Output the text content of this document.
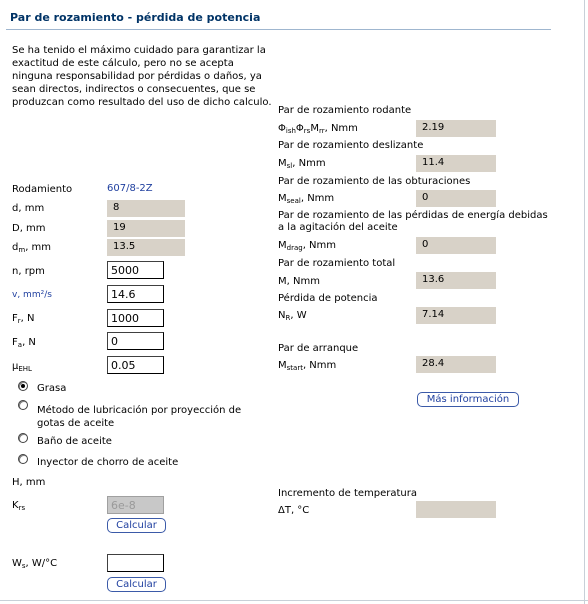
Par de rozamiento - pérdida de potencia
Se ha tenido el máximo cuidado para garantizar la exactitud de este cálculo, pero no se acepta ninguna responsabilidad por pérdidas o daños, ya sean directos, indirectos o consecuentes, que se produzcan como resultado del uso de dicho calculo.
Rodamiento	607/8-2Z
d, mm	8
D, mm	19
$d_m$, mm	13.5
n, rpm	5000
v, mm²/s	14.6
$F_r$, N	1000
$F_a$, N	0
$\mu_{EHL}$	0.05
Grasa
Método de lubricación por proyección de gotas de aceite
Baño de aceite
Inyector de chorro de aceite
H, mm
$K_{rs}$	6e-8
Calcular
$W_s$, W/°C
Calcular
Par de rozamiento rodante
$\Phi_{ish}\Phi_{rs}M_{rr}$, Nmm	2.19
Par de rozamiento deslizante
$M_{sl}$, Nmm	11.4
Par de rozamiento de las obturaciones
$M_{seal}$, Nmm	0
Par de rozamiento de las pérdidas de energía debidas a la agitación del aceite
$M_{drag}$, Nmm	0
Par de rozamiento total
M, Nmm	13.6
Pérdida de potencia
$N_R$, W	7.14
Par de arranque
$M_{start}$, Nmm	28.4
Más información
Incremento de temperatura
ΔT, °C
